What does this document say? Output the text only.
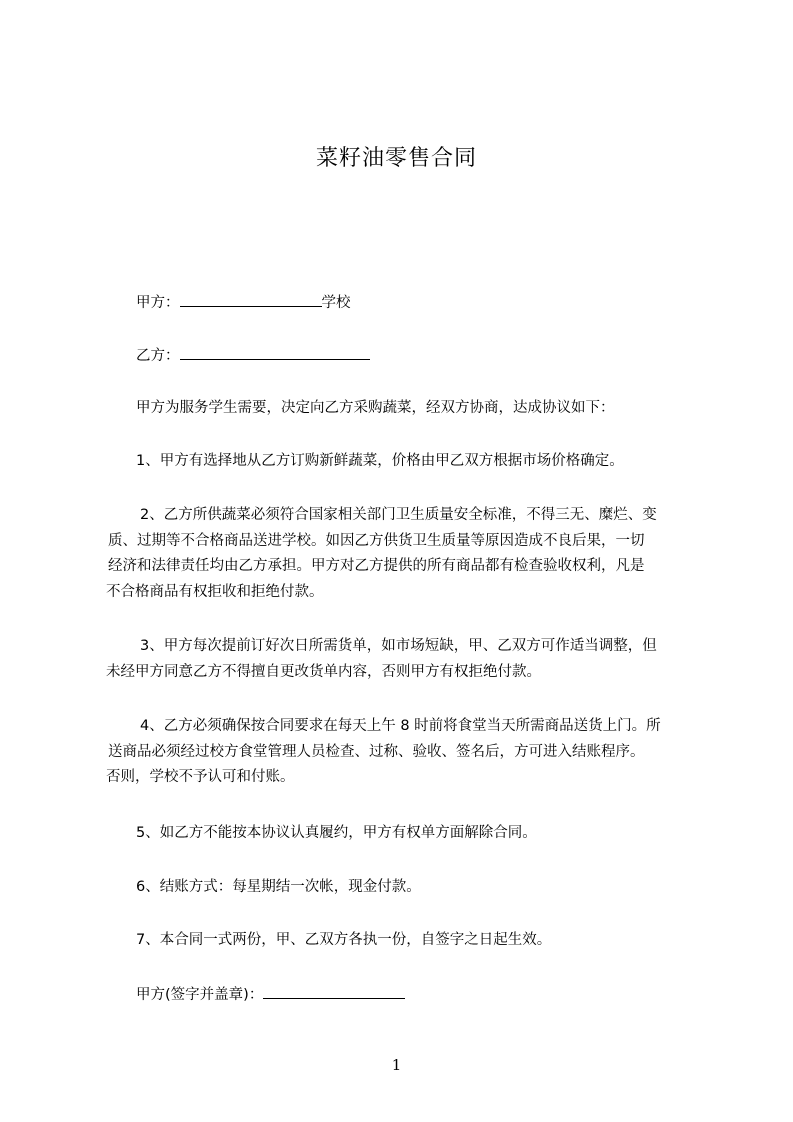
菜籽油零售合同
甲方：	学校
乙方：
甲方为服务学生需要，决定向乙方采购蔬菜，经双方协商，达成协议如下：
1、甲方有选择地从乙方订购新鲜蔬菜，价格由甲乙双方根据市场价格确定。
2、乙方所供蔬菜必须符合国家相关部门卫生质量安全标准，不得三无、糜烂、变
质、过期等不合格商品送进学校。如因乙方供货卫生质量等原因造成不良后果，一切
经济和法律责任均由乙方承担。甲方对乙方提供的所有商品都有检查验收权利，凡是
不合格商品有权拒收和拒绝付款。
3、甲方每次提前订好次日所需货单，如市场短缺，甲、乙双方可作适当调整，但
未经甲方同意乙方不得擅自更改货单内容，否则甲方有权拒绝付款。
4、乙方必须确保按合同要求在每天上午 8 时前将食堂当天所需商品送货上门。所
送商品必须经过校方食堂管理人员检查、过称、验收、签名后，方可进入结账程序。
否则，学校不予认可和付账。
5、如乙方不能按本协议认真履约，甲方有权单方面解除合同。
6、结账方式：每星期结一次帐，现金付款。
7、本合同一式两份，甲、乙双方各执一份，自签字之日起生效。
甲方(签字并盖章)：
1
